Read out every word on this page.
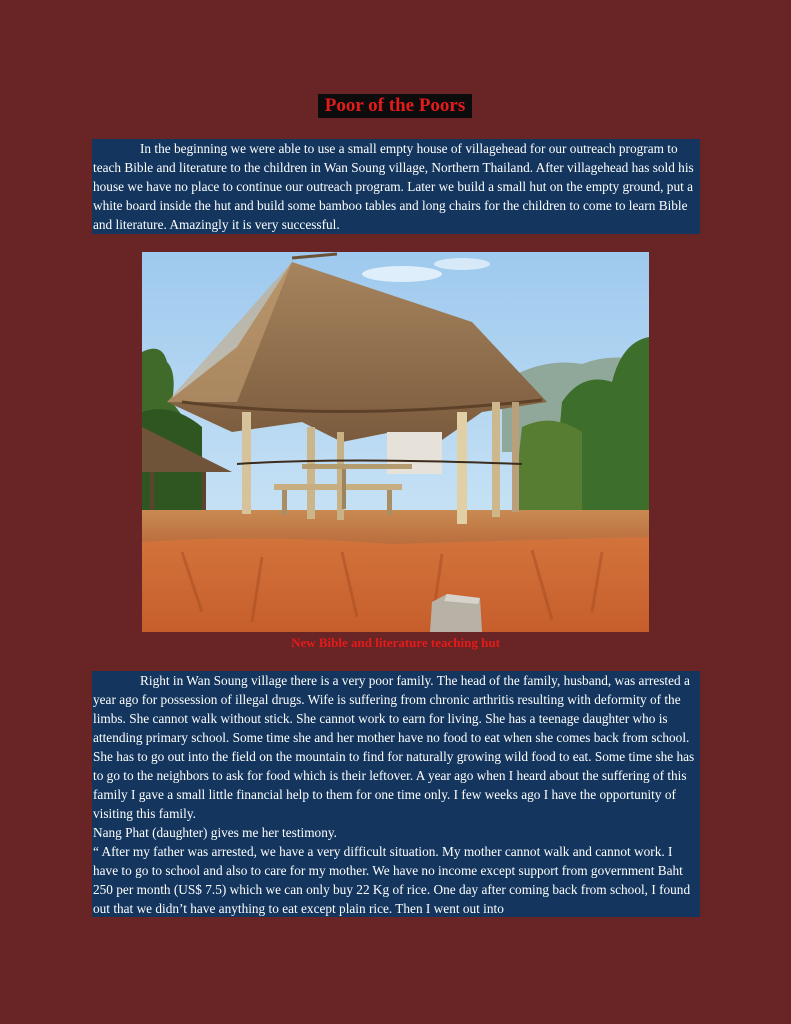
Poor of the Poors

In the beginning we were able to use a small empty house of villagehead for our outreach program to teach Bible and literature to the children in Wan Soung village, Northern Thailand. After villagehead has sold his house we have no place to continue our outreach program. Later we build a small hut on the empty ground, put a white board inside the hut and build some bamboo tables and long chairs for the children to come to learn Bible and literature. Amazingly it is very successful.

New Bible and literature teaching hut

Right in Wan Soung village there is a very poor family. The head of the family, husband, was arrested a year ago for possession of illegal drugs. Wife is suffering from chronic arthritis resulting with deformity of the limbs. She cannot walk without stick. She cannot work to earn for living. She has a teenage daughter who is attending primary school. Some time she and her mother have no food to eat when she comes back from school. She has to go out into the field on the mountain to find for naturally growing wild food to eat. Some time she has to go to the neighbors to ask for food which is their leftover. A year ago when I heard about the suffering of this family I gave a small little financial help to them for one time only. I few weeks ago I have the opportunity of visiting this family.

Nang Phat (daughter) gives me her testimony.

“ After my father was arrested, we have a very difficult situation. My mother cannot walk and cannot work. I have to go to school and also to care for my mother. We have no income except support from government Baht 250 per month (US$ 7.5) which we can only buy 22 Kg of rice. One day after coming back from school, I found out that we didn’t have anything to eat except plain rice. Then I went out into
